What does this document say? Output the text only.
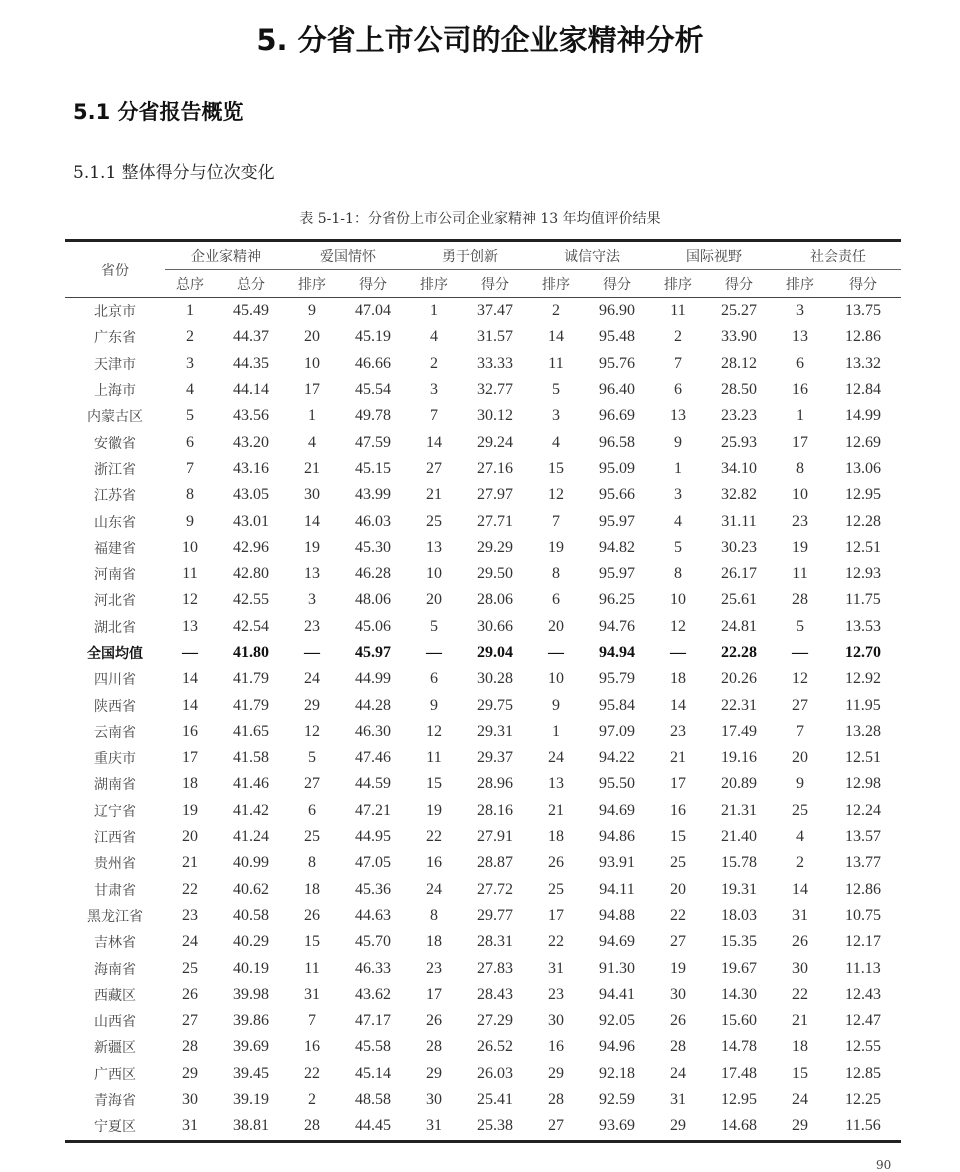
5. 分省上市公司的企业家精神分析
5.1 分省报告概览
5.1.1 整体得分与位次变化
表 5-1-1：分省份上市公司企业家精神 13 年均值评价结果
省份	企业家精神		爱国情怀		勇于创新		诚信守法		国际视野		社会责任	
	总序	总分	排序	得分	排序	得分	排序	得分	排序	得分	排序	得分
北京市	1	45.49	9	47.04	1	37.47	2	96.90	11	25.27	3	13.75
广东省	2	44.37	20	45.19	4	31.57	14	95.48	2	33.90	13	12.86
天津市	3	44.35	10	46.66	2	33.33	11	95.76	7	28.12	6	13.32
上海市	4	44.14	17	45.54	3	32.77	5	96.40	6	28.50	16	12.84
内蒙古区	5	43.56	1	49.78	7	30.12	3	96.69	13	23.23	1	14.99
安徽省	6	43.20	4	47.59	14	29.24	4	96.58	9	25.93	17	12.69
浙江省	7	43.16	21	45.15	27	27.16	15	95.09	1	34.10	8	13.06
江苏省	8	43.05	30	43.99	21	27.97	12	95.66	3	32.82	10	12.95
山东省	9	43.01	14	46.03	25	27.71	7	95.97	4	31.11	23	12.28
福建省	10	42.96	19	45.30	13	29.29	19	94.82	5	30.23	19	12.51
河南省	11	42.80	13	46.28	10	29.50	8	95.97	8	26.17	11	12.93
河北省	12	42.55	3	48.06	20	28.06	6	96.25	10	25.61	28	11.75
湖北省	13	42.54	23	45.06	5	30.66	20	94.76	12	24.81	5	13.53
全国均值	—	41.80	—	45.97	—	29.04	—	94.94	—	22.28	—	12.70
四川省	14	41.79	24	44.99	6	30.28	10	95.79	18	20.26	12	12.92
陕西省	14	41.79	29	44.28	9	29.75	9	95.84	14	22.31	27	11.95
云南省	16	41.65	12	46.30	12	29.31	1	97.09	23	17.49	7	13.28
重庆市	17	41.58	5	47.46	11	29.37	24	94.22	21	19.16	20	12.51
湖南省	18	41.46	27	44.59	15	28.96	13	95.50	17	20.89	9	12.98
辽宁省	19	41.42	6	47.21	19	28.16	21	94.69	16	21.31	25	12.24
江西省	20	41.24	25	44.95	22	27.91	18	94.86	15	21.40	4	13.57
贵州省	21	40.99	8	47.05	16	28.87	26	93.91	25	15.78	2	13.77
甘肃省	22	40.62	18	45.36	24	27.72	25	94.11	20	19.31	14	12.86
黑龙江省	23	40.58	26	44.63	8	29.77	17	94.88	22	18.03	31	10.75
吉林省	24	40.29	15	45.70	18	28.31	22	94.69	27	15.35	26	12.17
海南省	25	40.19	11	46.33	23	27.83	31	91.30	19	19.67	30	11.13
西藏区	26	39.98	31	43.62	17	28.43	23	94.41	30	14.30	22	12.43
山西省	27	39.86	7	47.17	26	27.29	30	92.05	26	15.60	21	12.47
新疆区	28	39.69	16	45.58	28	26.52	16	94.96	28	14.78	18	12.55
广西区	29	39.45	22	45.14	29	26.03	29	92.18	24	17.48	15	12.85
青海省	30	39.19	2	48.58	30	25.41	28	92.59	31	12.95	24	12.25
宁夏区	31	38.81	28	44.45	31	25.38	27	93.69	29	14.68	29	11.56
90
